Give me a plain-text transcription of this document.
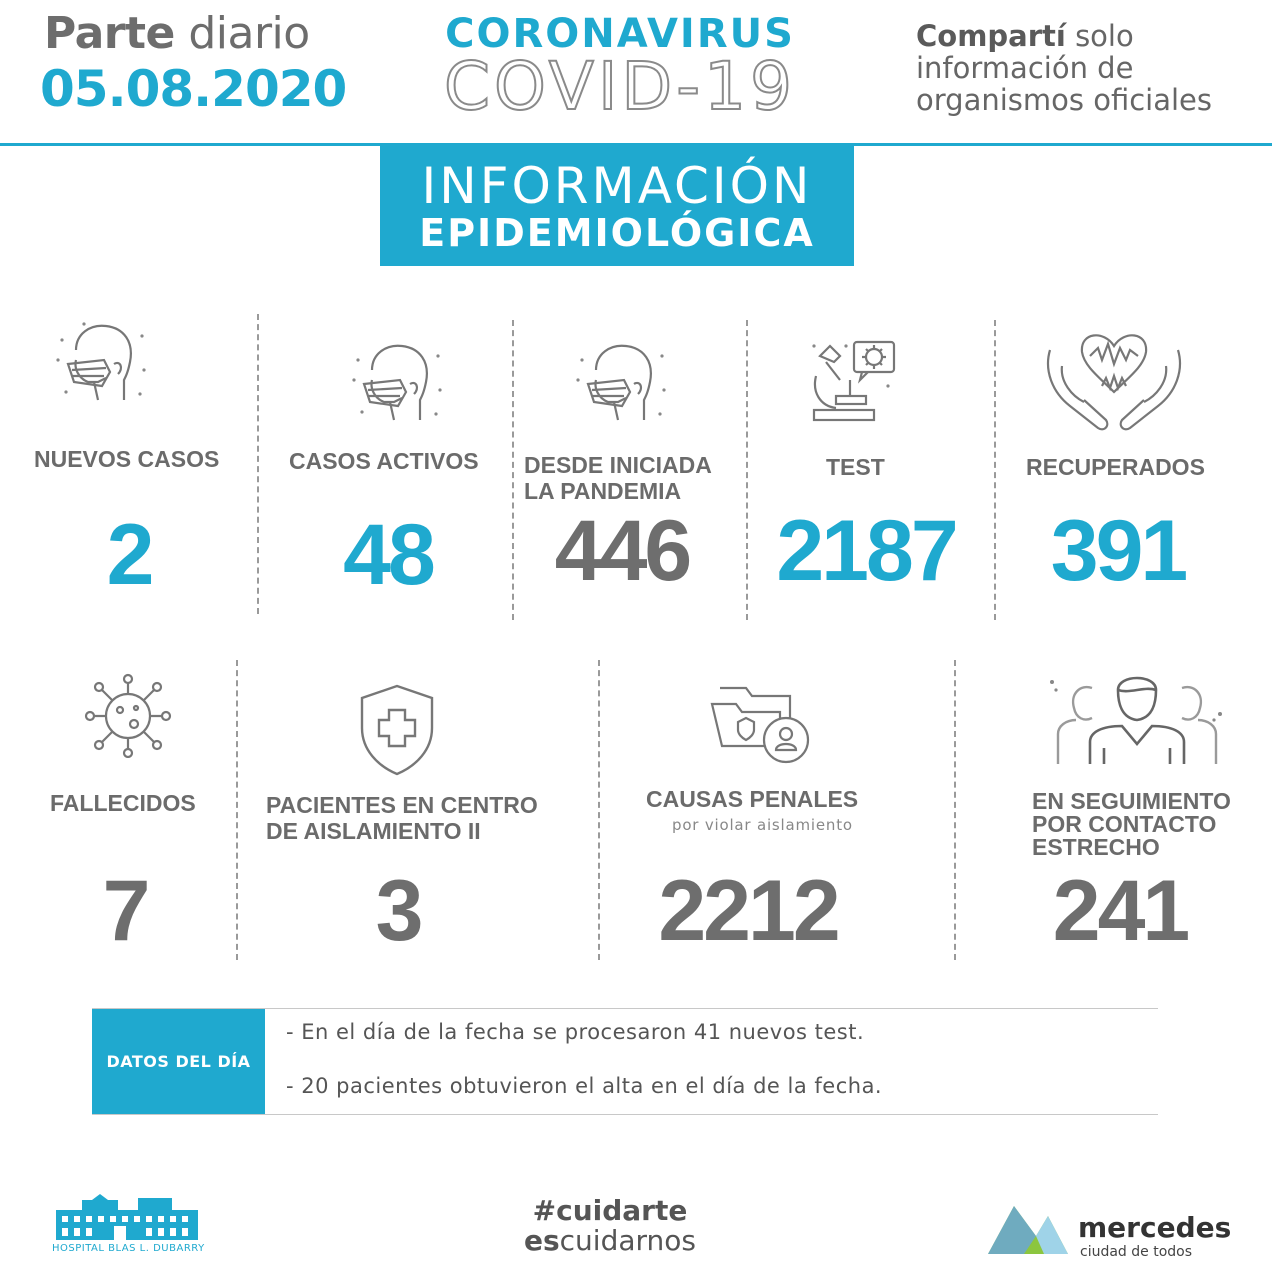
Parte diario
05.08.2020
CORONAVIRUS
COVID-19
Compartí solo
información de
organismos oficiales
INFORMACIÓN
EPIDEMIOLÓGICA
NUEVOS CASOS
2
CASOS ACTIVOS
48
DESDE INICIADA
LA PANDEMIA
446
TEST
2187
RECUPERADOS
391
FALLECIDOS
7
PACIENTES EN CENTRO
DE AISLAMIENTO II
3
CAUSAS PENALES
por violar aislamiento
2212
EN SEGUIMIENTO
POR CONTACTO
ESTRECHO
241
DATOS DEL DÍA
- En el día de la fecha se procesaron 41 nuevos test.
- 20 pacientes obtuvieron el alta en el día de la fecha.
HOSPITAL BLAS L. DUBARRY
#cuidarte
escuidarnos	mercedes
ciudad de todos
